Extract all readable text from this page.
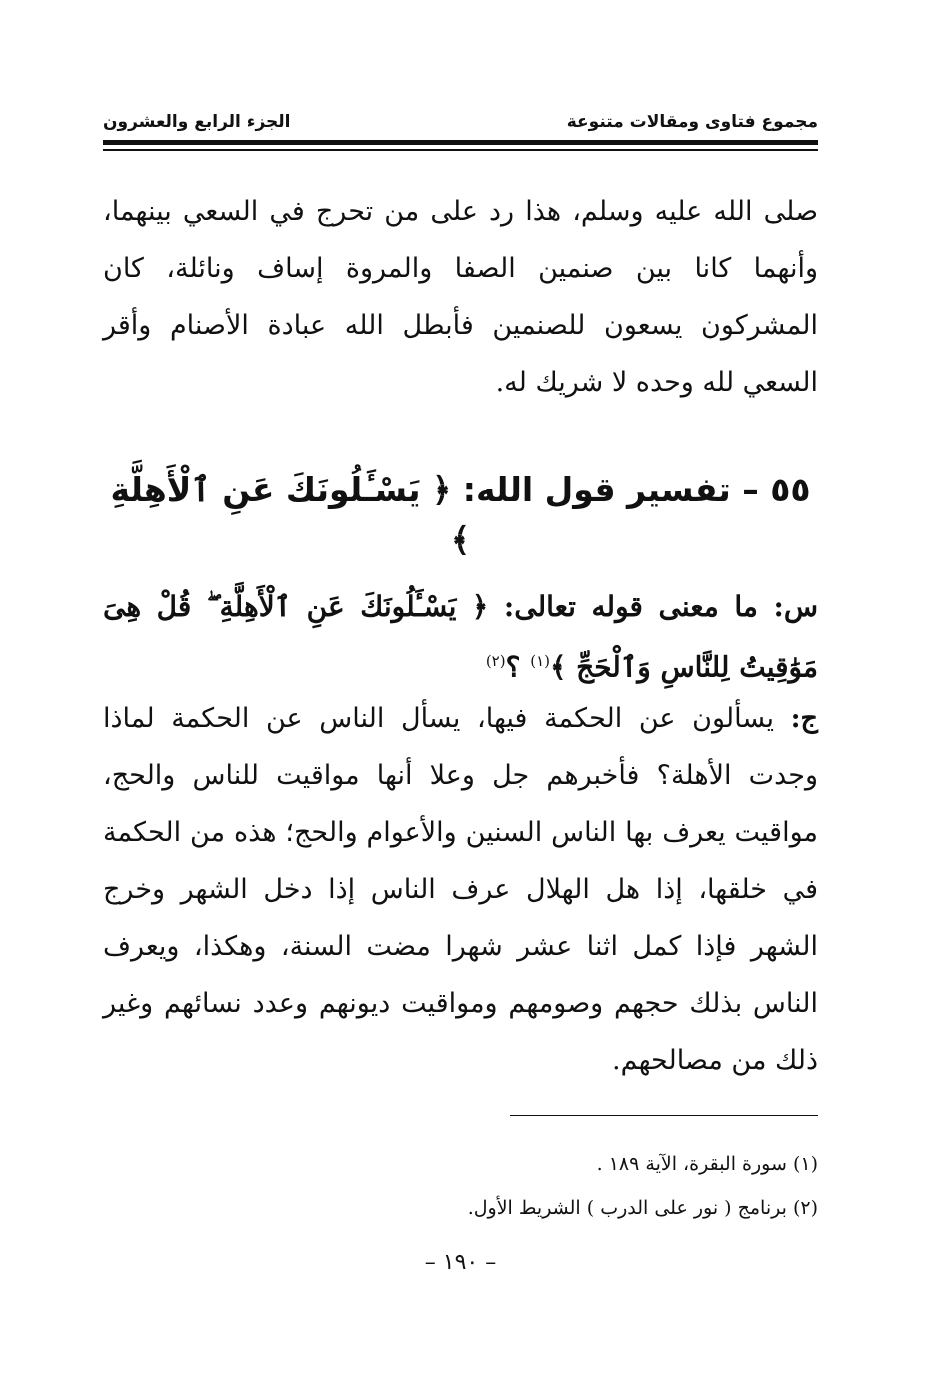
مجموع فتاوى ومقالات متنوعة
الجزء الرابع والعشرون

صلى الله عليه وسلم، هذا رد على من تحرج في السعي بينهما، وأنهما كانا بين صنمين الصفا والمروة إساف ونائلة، كان المشركون يسعون للصنمين فأبطل الله عبادة الأصنام وأقر السعي لله وحده لا شريك له.

٥٥ – تفسير قول الله: ﴿ يَسْـَٔلُونَكَ عَنِ ٱلْأَهِلَّةِ ﴾

س: ما معنى قوله تعالى: ﴿ يَسْـَٔلُونَكَ عَنِ ٱلْأَهِلَّةِ ۖ قُلْ هِىَ مَوَٰقِيتُ لِلنَّاسِ وَٱلْحَجِّ ﴾$^{(١)}$ ؟$^{(٢)}$

ج: يسألون عن الحكمة فيها، يسأل الناس عن الحكمة لماذا وجدت الأهلة؟ فأخبرهم جل وعلا أنها مواقيت للناس والحج، مواقيت يعرف بها الناس السنين والأعوام والحج؛ هذه من الحكمة في خلقها، إذا هل الهلال عرف الناس إذا دخل الشهر وخرج الشهر فإذا كمل اثنا عشر شهرا مضت السنة، وهكذا، ويعرف الناس بذلك حجهم وصومهم ومواقيت ديونهم وعدد نسائهم وغير ذلك من مصالحهم.

(١) سورة البقرة، الآية ١٨٩ .
(٢) برنامج ( نور على الدرب ) الشريط الأول.
– ١٩٠ –
